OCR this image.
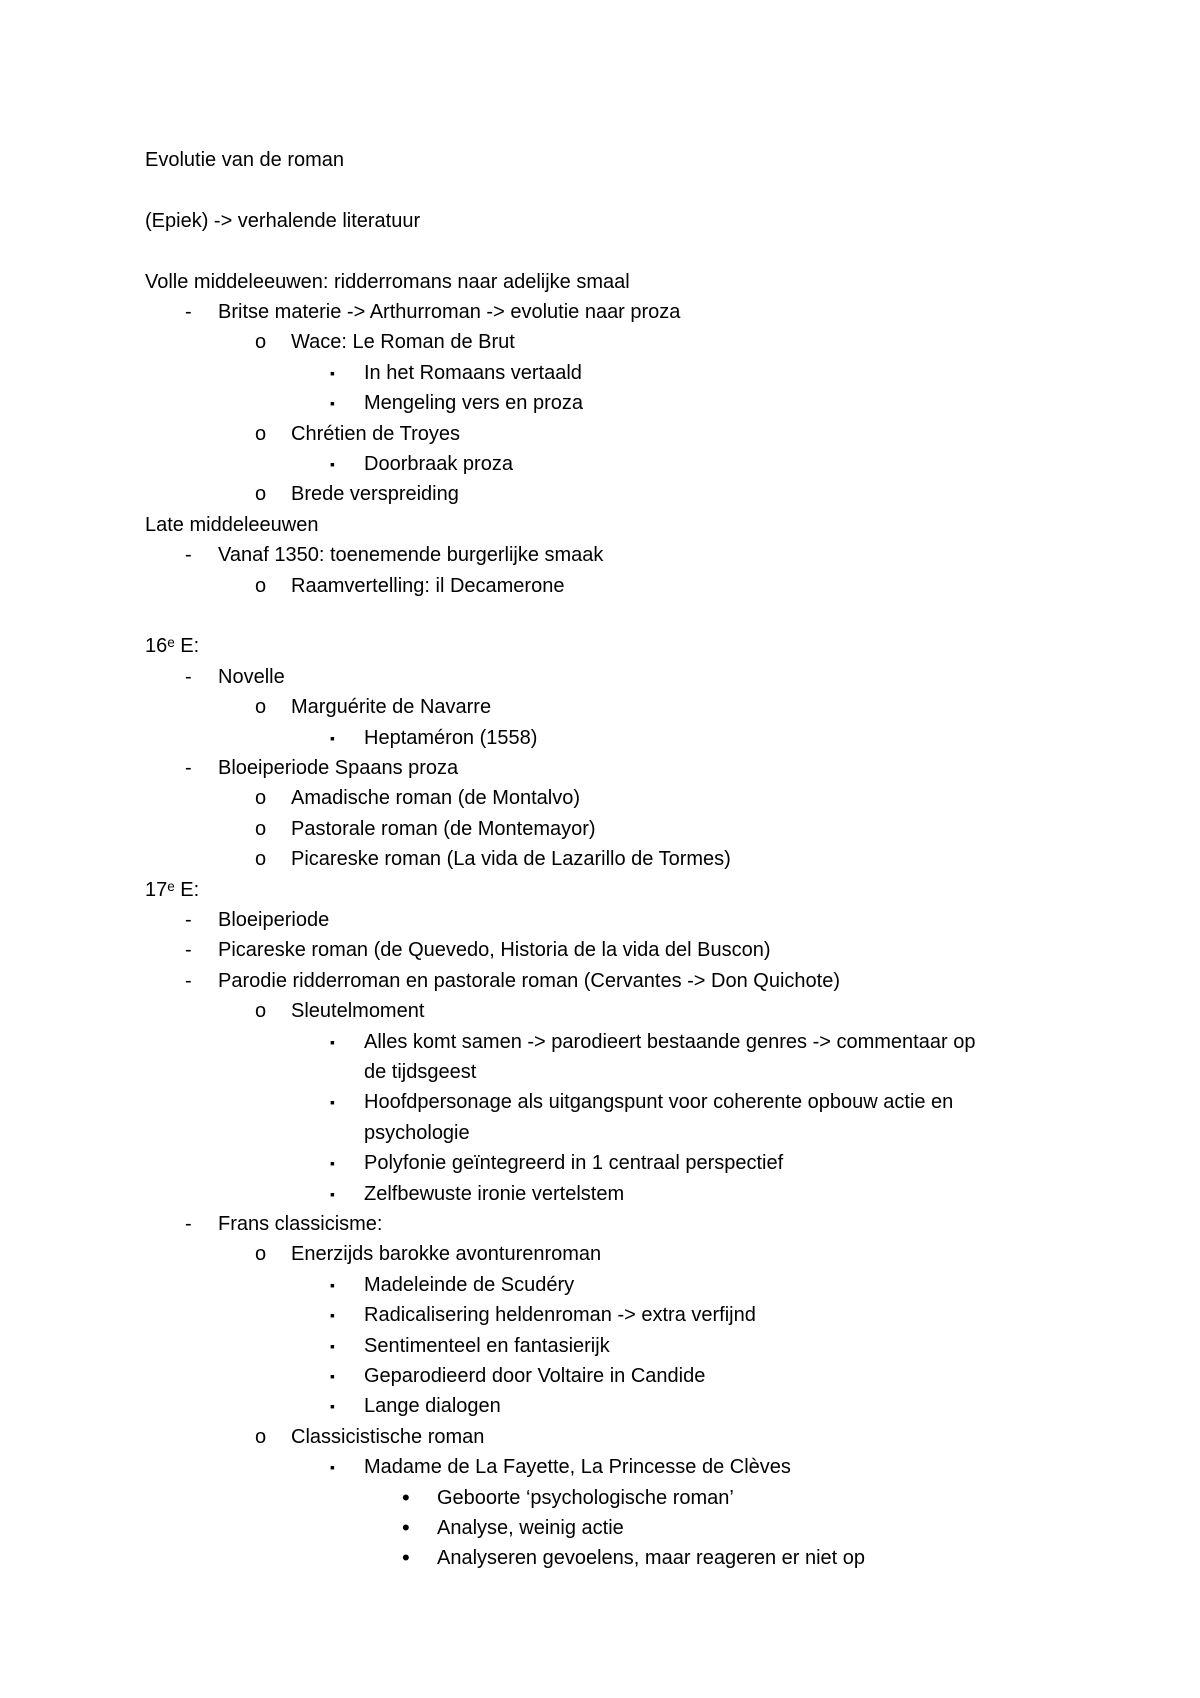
Evolutie van de roman
(Epiek) -> verhalende literatuur
Volle middeleeuwen: ridderromans naar adelijke smaal
- Britse materie -> Arthurroman -> evolutie naar proza
o Wace: Le Roman de Brut
▪ In het Romaans vertaald
▪ Mengeling vers en proza
o Chrétien de Troyes
▪ Doorbraak proza
o Brede verspreiding
Late middeleeuwen
- Vanaf 1350: toenemende burgerlijke smaak
o Raamvertelling: il Decamerone
16ᵉ E:
- Novelle
o Marguérite de Navarre
▪ Heptaméron (1558)
- Bloeiperiode Spaans proza
o Amadische roman (de Montalvo)
o Pastorale roman (de Montemayor)
o Picareske roman (La vida de Lazarillo de Tormes)
17ᵉ E:
- Bloeiperiode
- Picareske roman (de Quevedo, Historia de la vida del Buscon)
- Parodie ridderroman en pastorale roman (Cervantes -> Don Quichote)
o Sleutelmoment
▪ Alles komt samen -> parodieert bestaande genres -> commentaar op
de tijdsgeest
▪ Hoofdpersonage als uitgangspunt voor coherente opbouw actie en
psychologie
▪ Polyfonie geïntegreerd in 1 centraal perspectief
▪ Zelfbewuste ironie vertelstem
- Frans classicisme:
o Enerzijds barokke avonturenroman
▪ Madeleinde de Scudéry
▪ Radicalisering heldenroman -> extra verfijnd
▪ Sentimenteel en fantasierijk
▪ Geparodieerd door Voltaire in Candide
▪ Lange dialogen
o Classicistische roman
▪ Madame de La Fayette, La Princesse de Clèves
• Geboorte ‘psychologische roman’
• Analyse, weinig actie
• Analyseren gevoelens, maar reageren er niet op
